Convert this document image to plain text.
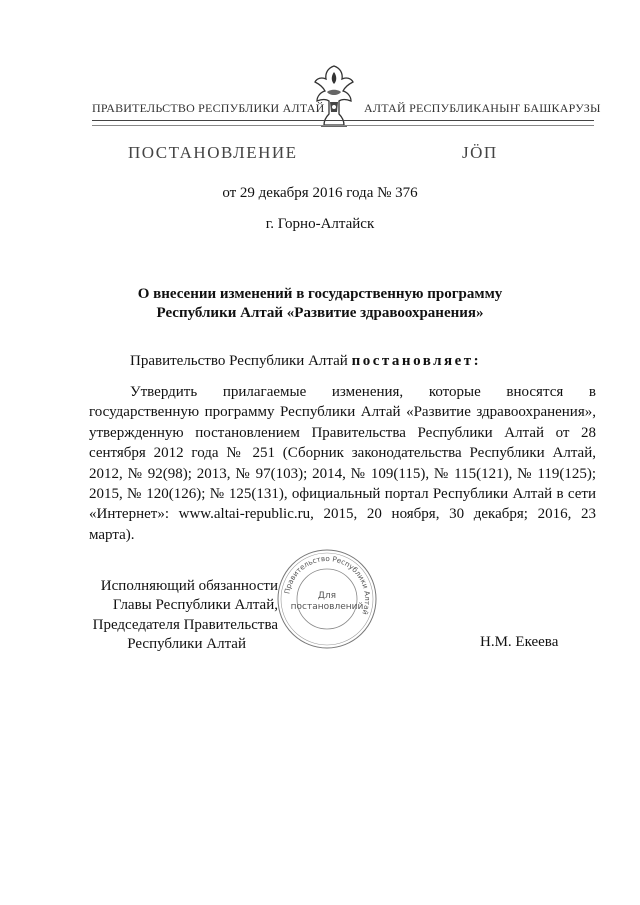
ПРАВИТЕЛЬСТВО РЕСПУБЛИКИ АЛТАЙ	АЛТАЙ РЕСПУБЛИКАНЫҤ БАШКАРУЗЫ
ПОСТАНОВЛЕНИЕ	JӦП
от 29 декабря 2016 года № 376
г. Горно-Алтайск
О внесении изменений в государственную программу
Республики Алтай «Развитие здравоохранения»
Правительство Республики Алтай постановляет:
Утвердить прилагаемые изменения, которые вносятся в государственную программу Республики Алтай «Развитие здравоохранения», утвержденную постановлением Правительства Республики Алтай от 28 сентября 2012 года № 251 (Сборник законодательства Республики Алтай, 2012, № 92(98); 2013, № 97(103); 2014, № 109(115), № 115(121), № 119(125); 2015, № 120(126); № 125(131), официальный портал Республики Алтай в сети «Интернет»: www.altai-republic.ru, 2015, 20 ноября, 30 декабря; 2016, 23 марта).
Исполняющий обязанности
Главы Республики Алтай,
Председателя Правительства
Республики Алтай	Н.М. Екеева
Правительство Республики Алтай
Для
постановлений
